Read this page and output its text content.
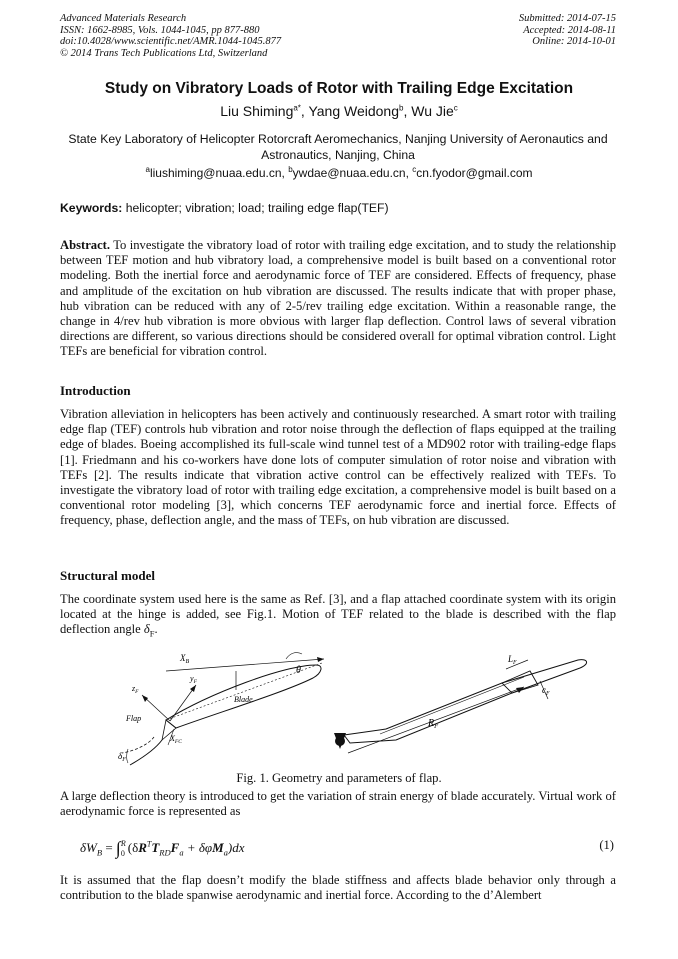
Advanced Materials Research
ISSN: 1662-8985, Vols. 1044-1045, pp 877-880
doi:10.4028/www.scientific.net/AMR.1044-1045.877
© 2014 Trans Tech Publications Ltd, Switzerland
Submitted: 2014-07-15
Accepted: 2014-08-11
Online: 2014-10-01
Study on Vibratory Loads of Rotor with Trailing Edge Excitation
Liu Shiming$^{a*}$, Yang Weidong$^b$, Wu Jie$^c$
State Key Laboratory of Helicopter Rotorcraft Aeromechanics, Nanjing University of Aeronautics and Astronautics, Nanjing, China
$^a$liushiming@nuaa.edu.cn, $^b$ywdae@nuaa.edu.cn, $^c$cn.fyodor@gmail.com
Keywords: helicopter; vibration; load; trailing edge flap(TEF)
Abstract. To investigate the vibratory load of rotor with trailing edge excitation, and to study the relationship between TEF motion and hub vibratory load, a comprehensive model is built based on a conventional rotor modeling. Both the inertial force and aerodynamic force of TEF are considered. Effects of frequency, phase and amplitude of the excitation on hub vibration are discussed. The results indicate that with proper phase, hub vibration can be reduced with any of 2-5/rev trailing edge excitation. Within a reasonable range, the change in 4/rev hub vibration is more obvious with larger flap deflection. Control laws of several vibration directions are different, so various directions should be considered overall for optimal vibration control. Light TEFs are beneficial for vibration control.
Introduction
Vibration alleviation in helicopters has been actively and continuously researched. A smart rotor with trailing edge flap (TEF) controls hub vibration and rotor noise through the deflection of flaps equipped at the trailing edge of blades. Boeing accomplished its full-scale wind tunnel test of a MD902 rotor with trailing-edge flaps [1]. Friedmann and his co-workers have done lots of computer simulation of rotor noise and vibration with TEFs [2]. The results indicate that vibration active control can be effectively realized with TEFs. To investigate the vibratory load of rotor with trailing edge excitation, a comprehensive model is built based on a conventional rotor modeling [3], which concerns TEF aerodynamic force and inertial force. Effects of frequency, phase, deflection angle, and the mass of TEFs, on hub vibration are discussed.
Structural model
The coordinate system used here is the same as Ref. [3], and a flap attached coordinate system with its origin located at the hinge is added, see Fig.1. Motion of TEF related to the blade is described with the flap deflection angle $\delta_F$.
$X_B$
$z_F$
$y_F$
Blade
Flap
$X_{FC}$
$\delta_F$
θ
$L_F$
$c_F$
$R_F$
Fig. 1. Geometry and parameters of flap.
A large deflection theory is introduced to get the variation of strain energy of blade accurately. Virtual work of aerodynamic force is represented as
$\delta W_B$ = ∫ R
0 $(\delta R^TT_{RD}F_a + \delta\varphi M_a)dx$	(1)
It is assumed that the flap doesn’t modify the blade stiffness and affects blade behavior only through a contribution to the blade spanwise aerodynamic and inertial force. According to the d’Alembert
